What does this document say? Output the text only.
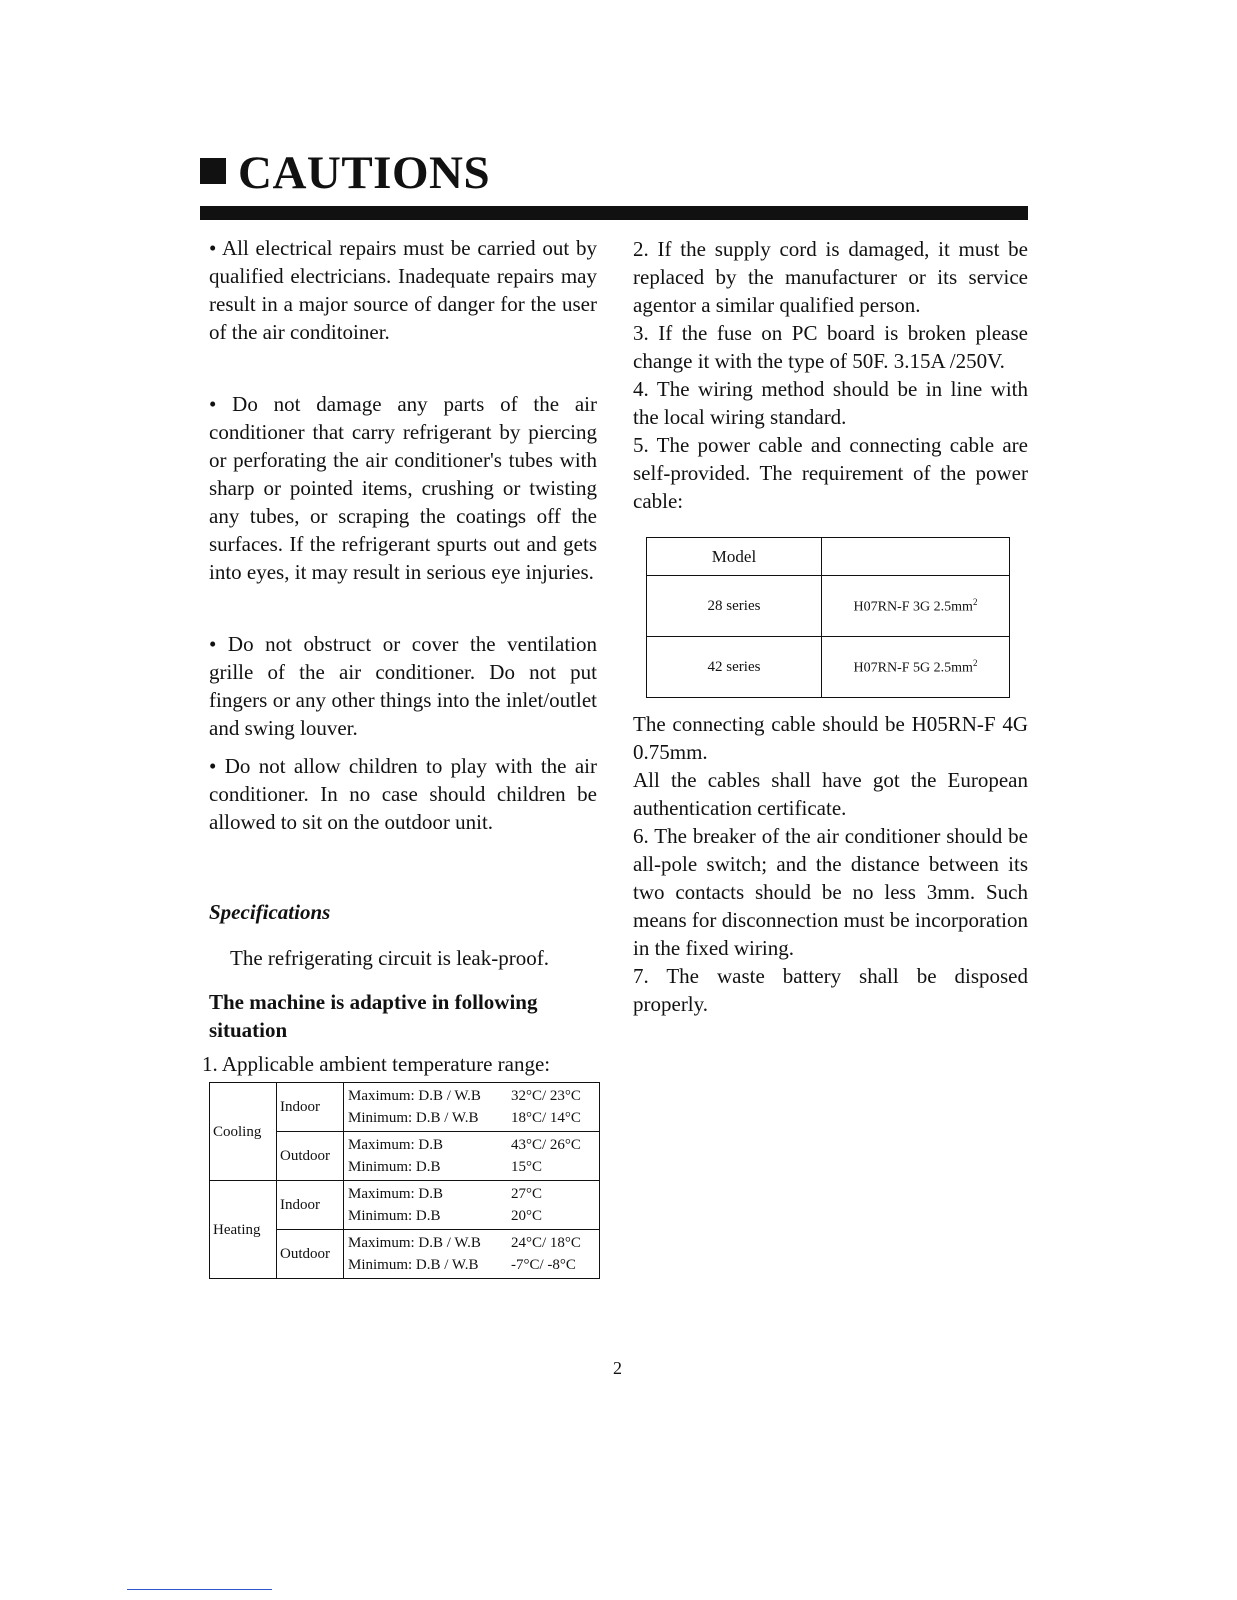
CAUTIONS

• All electrical repairs must be carried out by qualified electricians. Inadequate repairs may result in a major source of danger for the user of the air conditoiner.

• Do not damage any parts of the air conditioner that carry refrigerant by piercing or perforating the air conditioner's tubes with sharp or pointed items, crushing or twisting any tubes, or scraping the coatings off the surfaces. If the refrigerant spurts out and gets into eyes, it may result in serious eye injuries.

• Do not obstruct or cover the ventilation grille of the air conditioner. Do not put fingers or any other things into the inlet/outlet and swing louver.

• Do not allow children to play with the air conditioner. In no case should children be allowed to sit on the outdoor unit.

Specifications
The refrigerating circuit is leak-proof.
The machine is adaptive in following situation
1. Applicable ambient temperature range:
Cooling	Indoor	Maximum: D.B / W.B 32°C/ 23°C
Minimum: D.B / W.B 18°C/ 14°C

	Outdoor	Maximum: D.B 43°C/ 26°C
Minimum: D.B 15°C

Heating	Indoor	Maximum: D.B 27°C
Minimum: D.B 20°C

	Outdoor	Maximum: D.B / W.B 24°C/ 18°C
Minimum: D.B / W.B -7°C/ -8°C

2. If the supply cord is damaged, it must be replaced by the manufacturer or its service agentor a similar qualified person.

3. If the fuse on PC board is broken please change it with the type of 50F. 3.15A /250V.

4. The wiring method should be in line with the local wiring standard.

5. The power cable and connecting cable are self-provided. The requirement of the power cable:

Model	
28 series	H07RN-F 3G $2.5mm^2$
42 series	H07RN-F 5G $2.5mm^2$

The connecting cable should be H05RN-F 4G 0.75mm.

All the cables shall have got the European authentication certificate.

6. The breaker of the air conditioner should be all-pole switch; and the distance between its two contacts should be no less 3mm. Such means for disconnection must be incorporation in the fixed wiring.

7. The waste battery shall be disposed properly.

2
